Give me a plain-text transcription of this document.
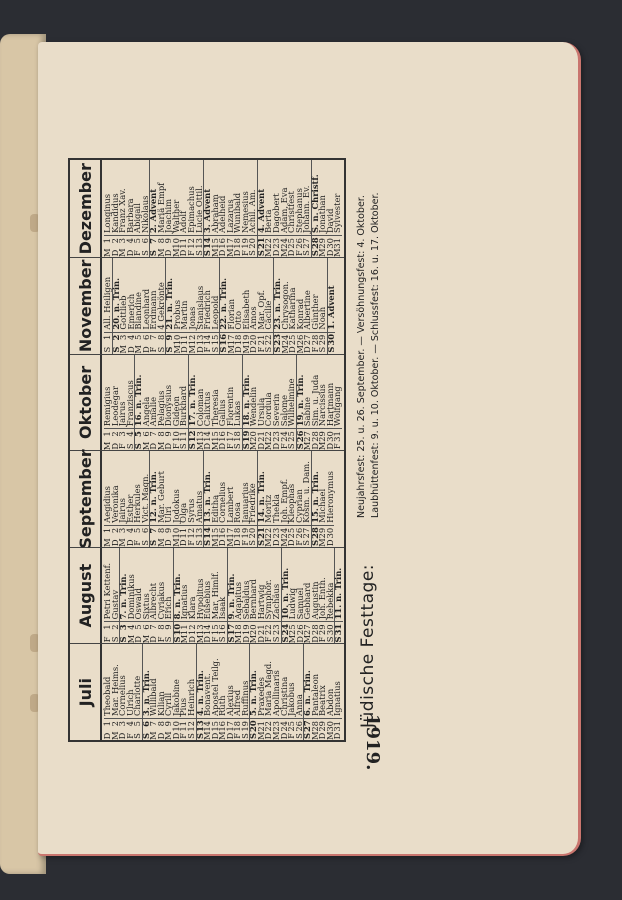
Juli
D
1
Theobald
M
2
Mar. Heims.
D
3
Cornelius
F
4
Ulrich
S
5
Charlotte
S
6
3. n. Trin.
M
7
Willibald
D
8
Kilian
M
9
Cyrill
D
10
Jakobine
F
11
Pius
S
12
Heinrich
S
13
4. n. Trin.
M
14
Bonavent.
D
15
Apostel Teilg.
M
16
Ruth
D
17
Alexius
F
18
Alfred
S
19
Ruffinus
S
20
5. n. Trin.
M
21
Praxedes
D
22
Maria Magd.
M
23
Apollinaris
D
24
Christina
F
25
Jakobus
S
26
Anna
S
27
6. n. Trin.
M
28
Pantaleon
D
29
Beatrix
M
30
Abdon
D
31
Ignatius
August
F
1
Petri Kettenf.
S
2
Gustav
S
3
7. n. Trin.
M
4
Dominikus
D
5
Oswald
M
6
Sixtus
D
7
Albrecht
F
8
Cyriakus
S
9
Erich
S
10
8. n. Trin.
M
11
Ignatius
D
12
Klara
M
13
Hypolitus
D
14
Eusebius
F
15
Mar. Himlf.
S
16
Isaak
S
17
9. n. Trin.
M
18
Agapitus
D
19
Sebaldus
M
20
Bernhard
D
21
Hartwig
F
22
Symphor.
S
23
Zachäus
S
24
10. n. Trin.
M
25
Ludwig
D
26
Samuel
M
27
Gebhard
D
28
Augustin
F
29
Joh. Enth.
S
30
Rebekka
S
31
11. n. Trin.
September M
1
Aegidius
D
2
Veronika
M
3
Jairus
D
4
Esther
F
5
Herkules
S
6
Vict. Magn.
S
7
12. n. Trin.
M
8
Mar. Geburt
D
9
Ulri
M
10
Jodokus
D
11
Olga
F
12
Syrus
S
13
Amatus
S
14
13. n. Trin.
M
15
Editha
D
16
Cornelius
M
17
Lambert
D
18
Rosa
F
19
Januarius
S
20
Friedrike
S
21
14. n. Trin.
M
22
Moritz
D
23
Thekla
M
24
Joh. Empf.
D
25
Kleophas
F
26
Cyprian
S
27
Kosm. u. Dam.
S
28
15. n. Trin.
M
29
Michael
D
30
Hieronymus
Oktober
M
1
Remigius
D
2
Leodegar
F
3
Jairus
S
4
Franziscus
S
5
16. n. Trin.
M
6
Angela
D
7
Amalie
M
8
Pelagius
D
9
Dionysius
F
10
Gideon
S
11
Burkhard
S
12
17. n. Trin.
M
13
Coloman
D
14
Calixtus
M
15
Theresia
D
16
Gallus
F
17
Florentin
S
18
Lukas
S
19
18. n. Trin.
M
20
Wendelin
D
21
Ursula
M
22
Cordula
D
23
Severin
F
24
Salome
S
25
Wilhelmine
S
26
19. n. Trin.
M
27
Sabine
D
28
Sim. u. Juda
M
29
Narcissus
D
30
Hartmann
F
31
Wolfgang
November S
1
All. Heiligen
S
2
20. n. Trin.
M
3
Gottlieb
D
4
Emerich
M
5
Blandine
D
6
Leonhard
F
7
Erdmann
S
8
4 Gekrönte
S
9
21. n. Trin.
M
10
Probus
D
11
Martin
M
12
Jonas
D
13
Stanislaus
F
14
Friedrich
S
15
Leopold
S
16
22. n. Trin.
M
17
Florian
D
18
Otto
M
19
Elisabeth
D
20
Amos
F
21
Mar. Opf.
S
22
Cäcilie
S
23
23. n. Trin.
M
24
Chrysogon.
D
25
Katharina
M
26
Konrad
D
27
Albertine
F
28
Günther
S
29
Noah
S
30
1. Advent
Dezember M
1
Longinus
D
2
Kandidus
M
3
Franz Xav.
D
4
Barbara
F
5
Abigail
S
6
Nikolaus
S
7
2. Advent
M
8
Mariä Empf
D
9
Joachim
M
10
Walther
D
11
Adolf
F
12
Epimachus
S
13
Lucie Ottil.
S
14
3. Advent
M
15
Abraham
D
16
Adelheid
M
17
Lazarus
D
18
Wunibald
F
19
Nemesius
S
20
Achil. Am.
S
21
4. Advent
M
22
Berta
D
23
Dagobert
M
24
Adam, Eva
D
25
Christfest
F
26
Stephanus
S
27
Johann. Ev.
S
28
S. n. Christf.
M
29
Jonathan
D
30
David
M
31
Sylvester
1919.
Jüdische Festtage:
Neujahrsfest: 25. u. 26. September. — Versöhnungsfest: 4. Oktober. Laubhüttenfest: 9. u. 10. Oktober. — Schlussfest: 16. u. 17. Oktober.
